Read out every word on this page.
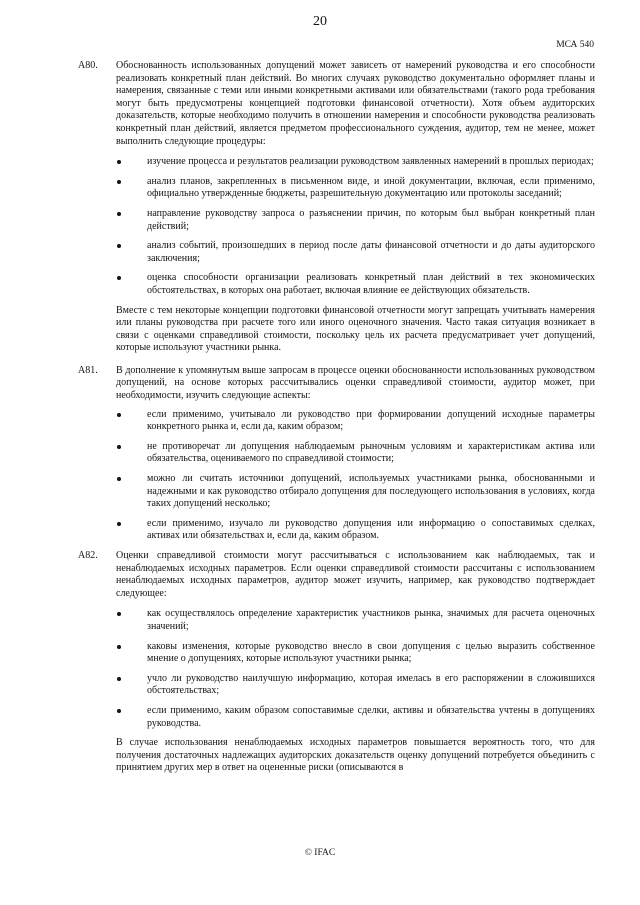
20
МСА 540
A80. Обоснованность использованных допущений может зависеть от намерений руководства и его способности реализовать конкретный план действий. Во многих случаях руководство документально оформляет планы и намерения, связанные с теми или иными конкретными активами или обязательствами (такого рода требования могут быть предусмотрены концепцией подготовки финансовой отчетности). Хотя объем аудиторских доказательств, которые необходимо получить в отношении намерения и способности руководства реализовать конкретный план действий, является предметом профессионального суждения, аудитор, тем не менее, может выполнить следующие процедуры:

изучение процесса и результатов реализации руководством заявленных намерений в прошлых периодах;
анализ планов, закрепленных в письменном виде, и иной документации, включая, если применимо, официально утвержденные бюджеты, разрешительную документацию или протоколы заседаний;
направление руководству запроса о разъяснении причин, по которым был выбран конкретный план действий;
анализ событий, произошедших в период после даты финансовой отчетности и до даты аудиторского заключения;
оценка способности организации реализовать конкретный план действий в тех экономических обстоятельствах, в которых она работает, включая влияние ее действующих обязательств.

Вместе с тем некоторые концепции подготовки финансовой отчетности могут запрещать учитывать намерения или планы руководства при расчете того или иного оценочного значения. Часто такая ситуация возникает в связи с оценками справедливой стоимости, поскольку цель их расчета предусматривает учет допущений, которые используют участники рынка.

A81. В дополнение к упомянутым выше запросам в процессе оценки обоснованности использованных руководством допущений, на основе которых рассчитывались оценки справедливой стоимости, аудитор может, при необходимости, изучить следующие аспекты:

если применимо, учитывало ли руководство при формировании допущений исходные параметры конкретного рынка и, если да, каким образом;
не противоречат ли допущения наблюдаемым рыночным условиям и характеристикам актива или обязательства, оцениваемого по справедливой стоимости;
можно ли считать источники допущений, используемых участниками рынка, обоснованными и надежными и как руководство отбирало допущения для последующего использования в условиях, когда таких допущений несколько;
если применимо, изучало ли руководство допущения или информацию о сопоставимых сделках, активах или обязательствах и, если да, каким образом.
A82. Оценки справедливой стоимости могут рассчитываться с использованием как наблюдаемых, так и ненаблюдаемых исходных параметров. Если оценки справедливой стоимости рассчитаны с использованием ненаблюдаемых исходных параметров, аудитор может изучить, например, как руководство подтверждает следующее:

как осуществлялось определение характеристик участников рынка, значимых для расчета оценочных значений;
каковы изменения, которые руководство внесло в свои допущения с целью выразить собственное мнение о допущениях, которые используют участники рынка;
учло ли руководство наилучшую информацию, которая имелась в его распоряжении в сложившихся обстоятельствах;
если применимо, каким образом сопоставимые сделки, активы и обязательства учтены в допущениях руководства.

В случае использования ненаблюдаемых исходных параметров повышается вероятность того, что для получения достаточных надлежащих аудиторских доказательств оценку допущений потребуется объединить с принятием других мер в ответ на оцененные риски (описываются в

© IFAC
